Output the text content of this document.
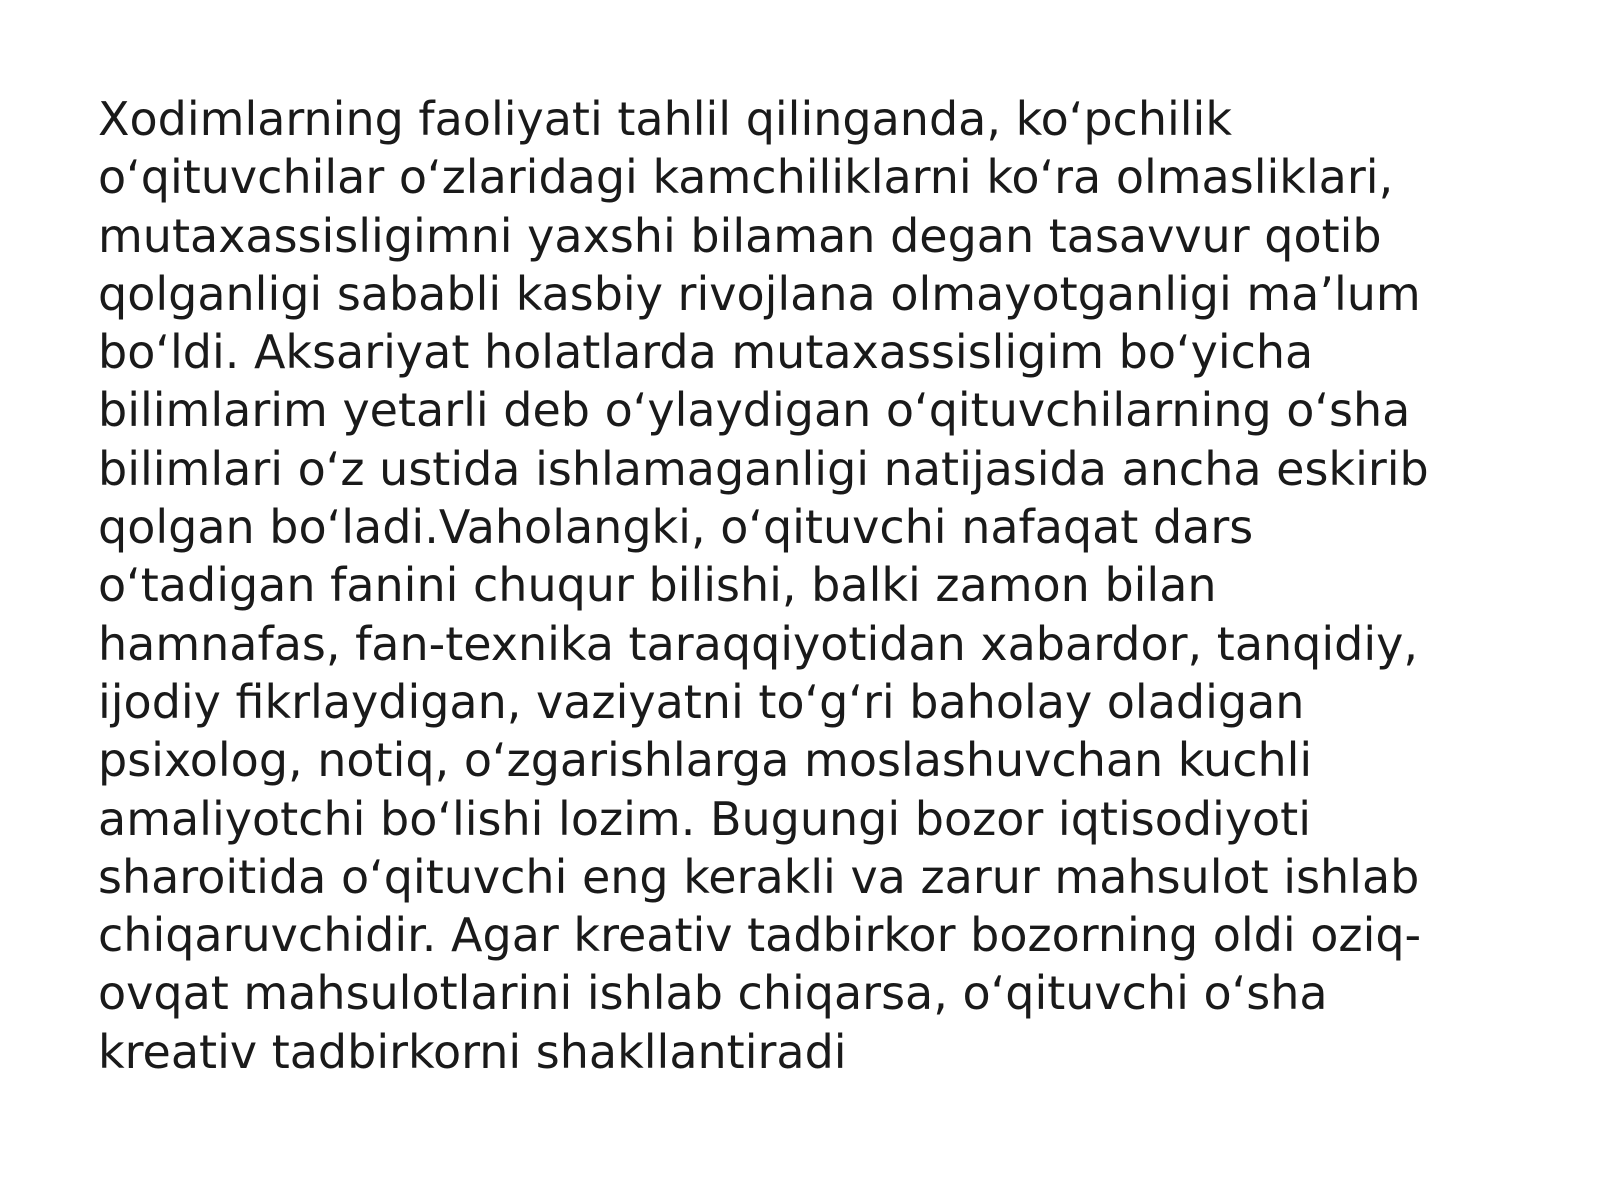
Xodimlarning faoliyati tahlil qilinganda, koʻpchilik
oʻqituvchilar oʻzlaridagi kamchiliklarni koʻra olmasliklari,
mutaxassisligimni yaxshi bilaman degan tasavvur qotib
qolganligi sababli kasbiy rivojlana olmayotganligi maʼlum
boʻldi. Aksariyat holatlarda mutaxassisligim boʻyicha
bilimlarim yetarli deb oʻylaydigan oʻqituvchilarning oʻsha
bilimlari oʻz ustida ishlamaganligi natijasida ancha eskirib
qolgan boʻladi.Vaholangki, oʻqituvchi nafaqat dars
oʻtadigan fanini chuqur bilishi, balki zamon bilan
hamnafas, fan-texnika taraqqiyotidan xabardor, tanqidiy,
ijodiy fikrlaydigan, vaziyatni toʻgʻri baholay oladigan
psixolog, notiq, oʻzgarishlarga moslashuvchan kuchli
amaliyotchi boʻlishi lozim. Bugungi bozor iqtisodiyoti
sharoitida oʻqituvchi eng kerakli va zarur mahsulot ishlab
chiqaruvchidir. Agar kreativ tadbirkor bozorning oldi oziq-
ovqat mahsulotlarini ishlab chiqarsa, oʻqituvchi oʻsha
kreativ tadbirkorni shakllantiradi
